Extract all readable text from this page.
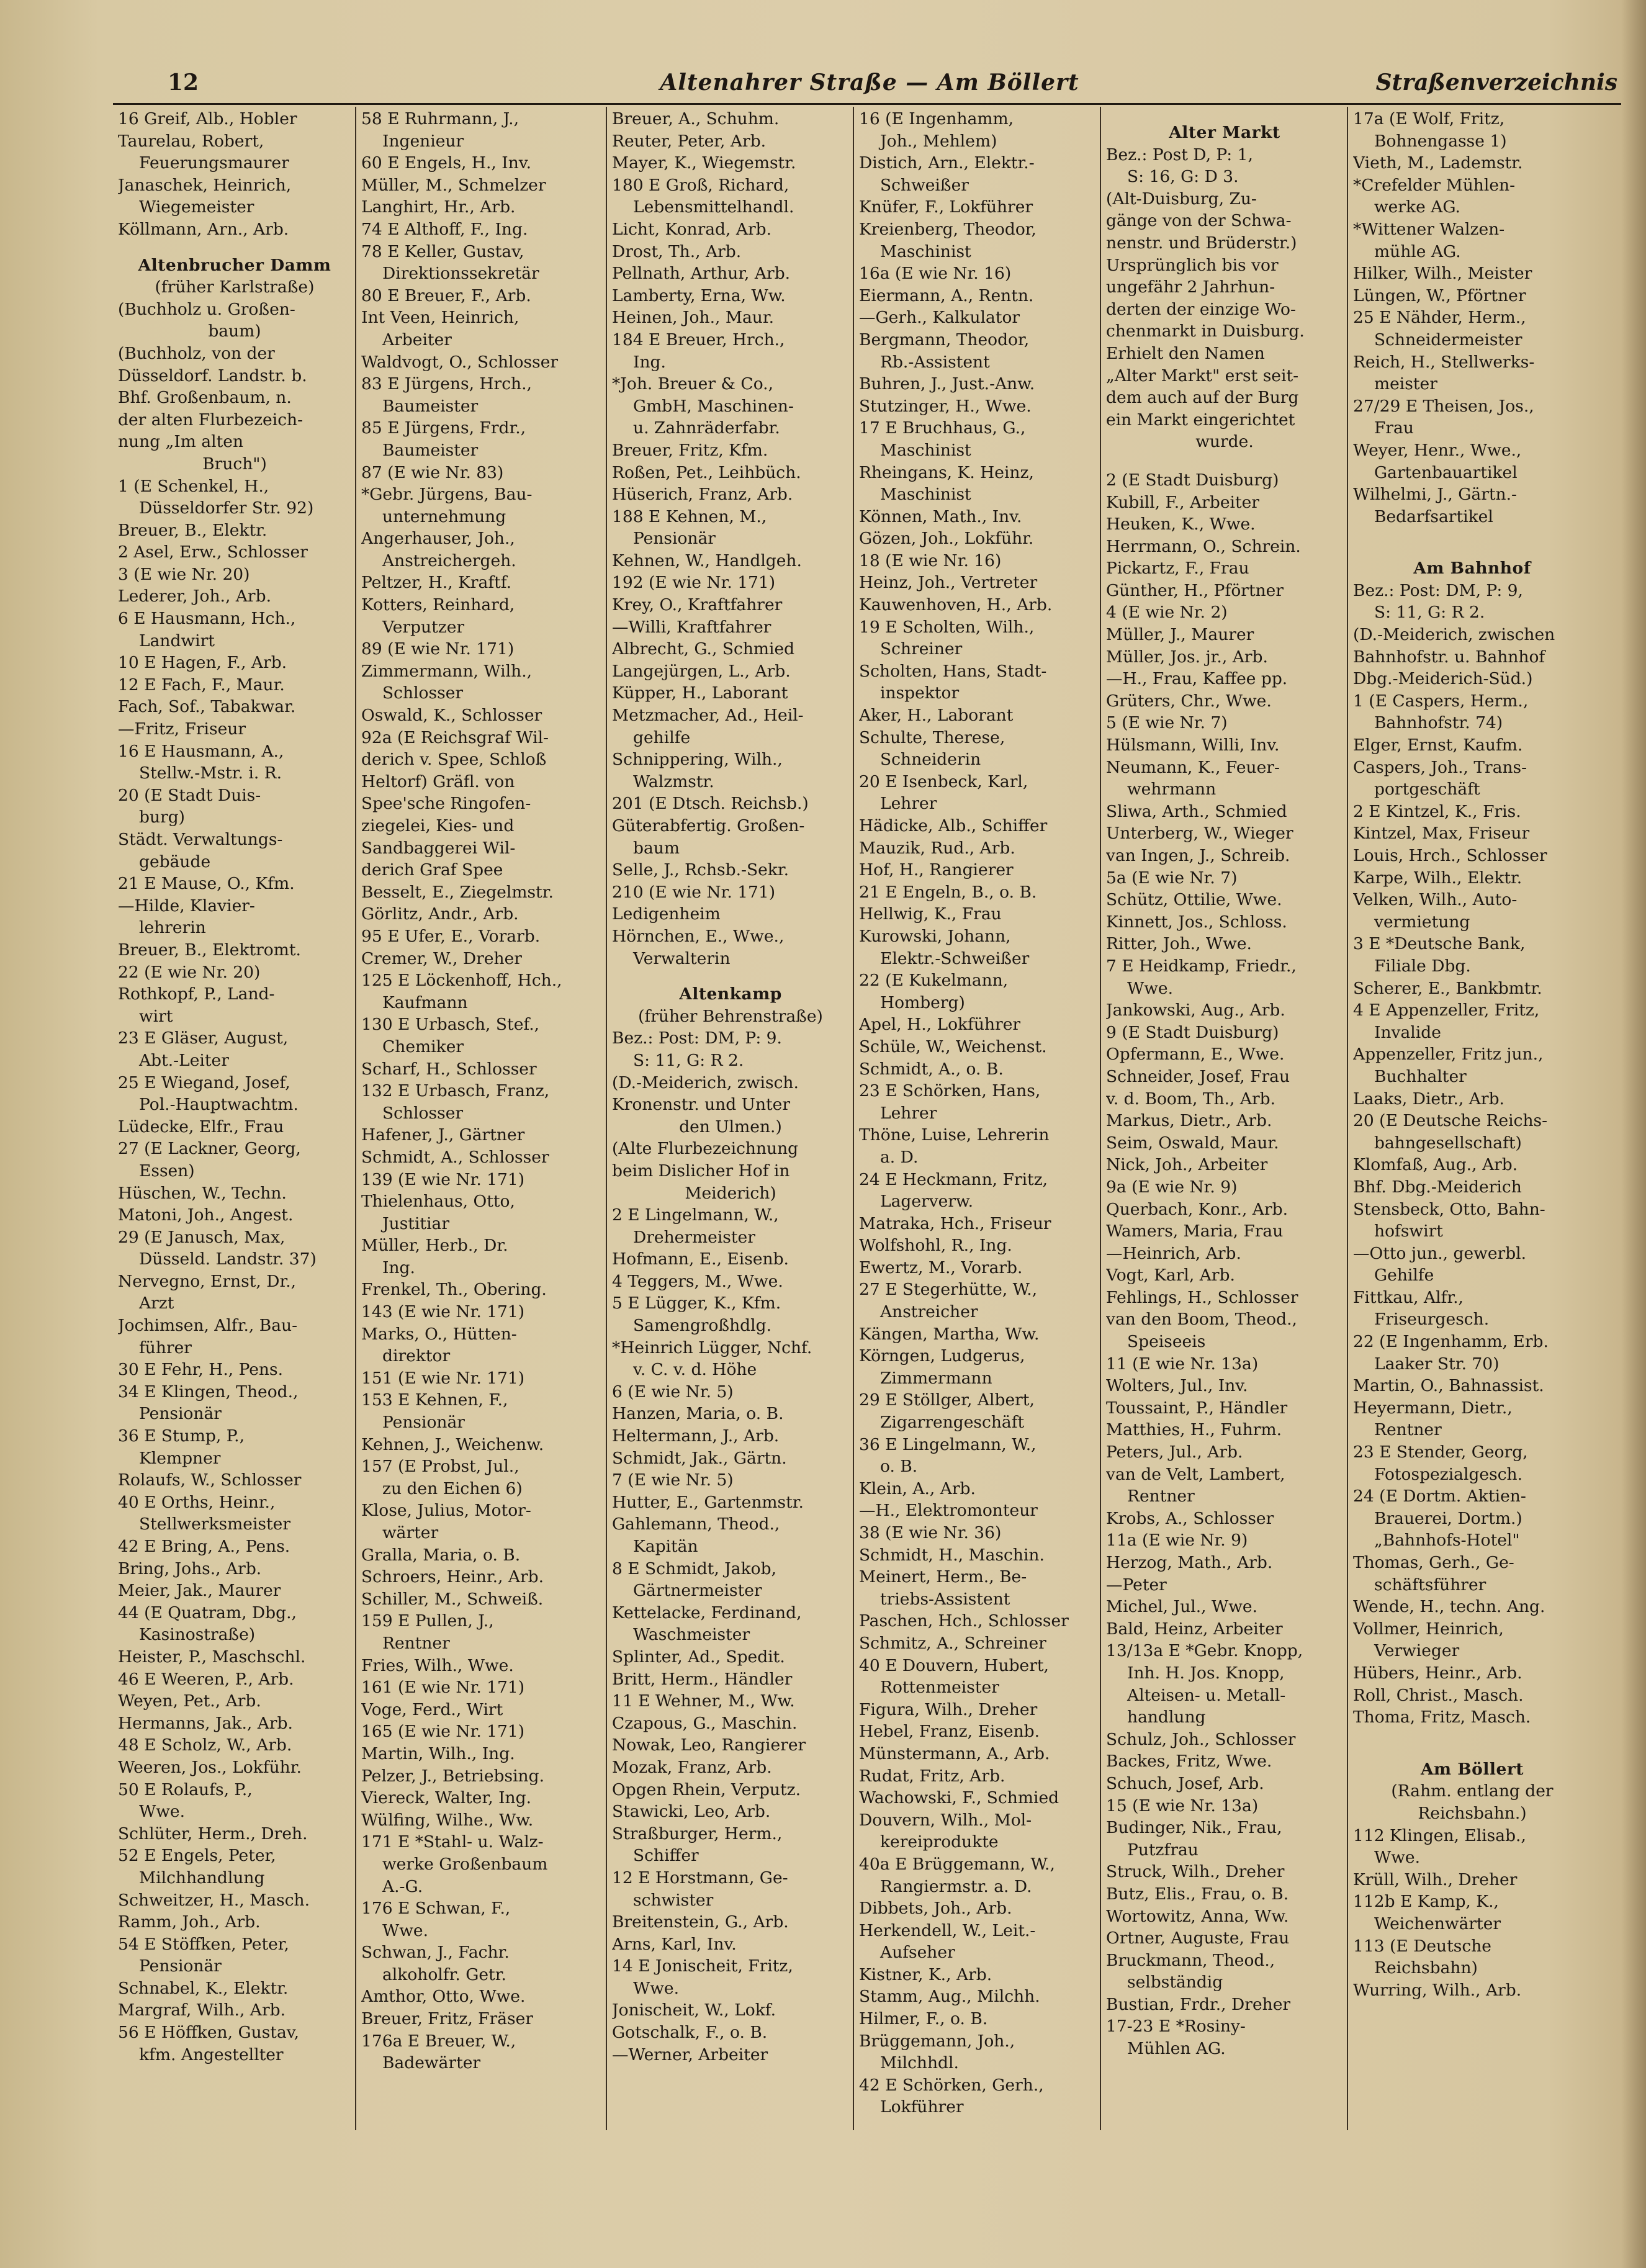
12	Altenahrer Straße — Am Böllert	Straßenverzeichnis
16 Greif, Alb., Hobler
Taurelau, Robert,
Feuerungsmaurer
Janaschek, Heinrich,
Wiegemeister
Köllmann, Arn., Arb.
Altenbrucher Damm
(früher Karlstraße)
(Buchholz u. Großen-
baum)
(Buchholz, von der
Düsseldorf. Landstr. b.
Bhf. Großenbaum, n.
der alten Flurbezeich-
nung „Im alten
Bruch")
1 (E Schenkel, H.,
Düsseldorfer Str. 92)
Breuer, B., Elektr.
2 Asel, Erw., Schlosser
3 (E wie Nr. 20)
Lederer, Joh., Arb.
6 E Hausmann, Hch.,
Landwirt
10 E Hagen, F., Arb.
12 E Fach, F., Maur.
Fach, Sof., Tabakwar.
—Fritz, Friseur
16 E Hausmann, A.,
Stellw.-Mstr. i. R.
20 (E Stadt Duis-
burg)
Städt. Verwaltungs-
gebäude
21 E Mause, O., Kfm.
—Hilde, Klavier-
lehrerin
Breuer, B., Elektromt.
22 (E wie Nr. 20)
Rothkopf, P., Land-
wirt
23 E Gläser, August,
Abt.-Leiter
25 E Wiegand, Josef,
Pol.-Hauptwachtm.
Lüdecke, Elfr., Frau
27 (E Lackner, Georg,
Essen)
Hüschen, W., Techn.
Matoni, Joh., Angest.
29 (E Janusch, Max,
Düsseld. Landstr. 37)
Nervegno, Ernst, Dr.,
Arzt
Jochimsen, Alfr., Bau-
führer
30 E Fehr, H., Pens.
34 E Klingen, Theod.,
Pensionär
36 E Stump, P.,
Klempner
Rolaufs, W., Schlosser
40 E Orths, Heinr.,
Stellwerksmeister
42 E Bring, A., Pens.
Bring, Johs., Arb.
Meier, Jak., Maurer
44 (E Quatram, Dbg.,
Kasinostraße)
Heister, P., Maschschl.
46 E Weeren, P., Arb.
Weyen, Pet., Arb.
Hermanns, Jak., Arb.
48 E Scholz, W., Arb.
Weeren, Jos., Lokführ.
50 E Rolaufs, P.,
Wwe.
Schlüter, Herm., Dreh.
52 E Engels, Peter,
Milchhandlung
Schweitzer, H., Masch.
Ramm, Joh., Arb.
54 E Stöffken, Peter,
Pensionär
Schnabel, K., Elektr.
Margraf, Wilh., Arb.
56 E Höffken, Gustav,
kfm. Angestellter
58 E Ruhrmann, J.,
Ingenieur
60 E Engels, H., Inv.
Müller, M., Schmelzer
Langhirt, Hr., Arb.
74 E Althoff, F., Ing.
78 E Keller, Gustav,
Direktionssekretär
80 E Breuer, F., Arb.
Int Veen, Heinrich,
Arbeiter
Waldvogt, O., Schlosser
83 E Jürgens, Hrch.,
Baumeister
85 E Jürgens, Frdr.,
Baumeister
87 (E wie Nr. 83)
*Gebr. Jürgens, Bau-
unternehmung
Angerhauser, Joh.,
Anstreichergeh.
Peltzer, H., Kraftf.
Kotters, Reinhard,
Verputzer
89 (E wie Nr. 171)
Zimmermann, Wilh.,
Schlosser
Oswald, K., Schlosser
92a (E Reichsgraf Wil-
derich v. Spee, Schloß
Heltorf) Gräfl. von
Spee'sche Ringofen-
ziegelei, Kies- und
Sandbaggerei Wil-
derich Graf Spee
Besselt, E., Ziegelmstr.
Görlitz, Andr., Arb.
95 E Ufer, E., Vorarb.
Cremer, W., Dreher
125 E Löckenhoff, Hch.,
Kaufmann
130 E Urbasch, Stef.,
Chemiker
Scharf, H., Schlosser
132 E Urbasch, Franz,
Schlosser
Hafener, J., Gärtner
Schmidt, A., Schlosser
139 (E wie Nr. 171)
Thielenhaus, Otto,
Justitiar
Müller, Herb., Dr.
Ing.
Frenkel, Th., Obering.
143 (E wie Nr. 171)
Marks, O., Hütten-
direktor
151 (E wie Nr. 171)
153 E Kehnen, F.,
Pensionär
Kehnen, J., Weichenw.
157 (E Probst, Jul.,
zu den Eichen 6)
Klose, Julius, Motor-
wärter
Gralla, Maria, o. B.
Schroers, Heinr., Arb.
Schiller, M., Schweiß.
159 E Pullen, J.,
Rentner
Fries, Wilh., Wwe.
161 (E wie Nr. 171)
Voge, Ferd., Wirt
165 (E wie Nr. 171)
Martin, Wilh., Ing.
Pelzer, J., Betriebsing.
Viereck, Walter, Ing.
Wülfing, Wilhe., Ww.
171 E *Stahl- u. Walz-
werke Großenbaum
A.-G.
176 E Schwan, F.,
Wwe.
Schwan, J., Fachr.
alkoholfr. Getr.
Amthor, Otto, Wwe.
Breuer, Fritz, Fräser
176a E Breuer, W.,
Badewärter
Breuer, A., Schuhm.
Reuter, Peter, Arb.
Mayer, K., Wiegemstr.
180 E Groß, Richard,
Lebensmittelhandl.
Licht, Konrad, Arb.
Drost, Th., Arb.
Pellnath, Arthur, Arb.
Lamberty, Erna, Ww.
Heinen, Joh., Maur.
184 E Breuer, Hrch.,
Ing.
*Joh. Breuer & Co.,
GmbH, Maschinen-
u. Zahnräderfabr.
Breuer, Fritz, Kfm.
Roßen, Pet., Leihbüch.
Hüserich, Franz, Arb.
188 E Kehnen, M.,
Pensionär
Kehnen, W., Handlgeh.
192 (E wie Nr. 171)
Krey, O., Kraftfahrer
—Willi, Kraftfahrer
Albrecht, G., Schmied
Langejürgen, L., Arb.
Küpper, H., Laborant
Metzmacher, Ad., Heil-
gehilfe
Schnippering, Wilh.,
Walzmstr.
201 (E Dtsch. Reichsb.)
Güterabfertig. Großen-
baum
Selle, J., Rchsb.-Sekr.
210 (E wie Nr. 171)
Ledigenheim
Hörnchen, E., Wwe.,
Verwalterin
Altenkamp
(früher Behrenstraße)
Bez.: Post: DM, P: 9.
S: 11, G: R 2.
(D.-Meiderich, zwisch.
Kronenstr. und Unter
den Ulmen.)
(Alte Flurbezeichnung
beim Dislicher Hof in
Meiderich)
2 E Lingelmann, W.,
Drehermeister
Hofmann, E., Eisenb.
4 Teggers, M., Wwe.
5 E Lügger, K., Kfm.
Samengroßhdlg.
*Heinrich Lügger, Nchf.
v. C. v. d. Höhe
6 (E wie Nr. 5)
Hanzen, Maria, o. B.
Heltermann, J., Arb.
Schmidt, Jak., Gärtn.
7 (E wie Nr. 5)
Hutter, E., Gartenmstr.
Gahlemann, Theod.,
Kapitän
8 E Schmidt, Jakob,
Gärtnermeister
Kettelacke, Ferdinand,
Waschmeister
Splinter, Ad., Spedit.
Britt, Herm., Händler
11 E Wehner, M., Ww.
Czapous, G., Maschin.
Nowak, Leo, Rangierer
Mozak, Franz, Arb.
Opgen Rhein, Verputz.
Stawicki, Leo, Arb.
Straßburger, Herm.,
Schiffer
12 E Horstmann, Ge-
schwister
Breitenstein, G., Arb.
Arns, Karl, Inv.
14 E Jonischeit, Fritz,
Wwe.
Jonischeit, W., Lokf.
Gotschalk, F., o. B.
—Werner, Arbeiter
16 (E Ingenhamm,
Joh., Mehlem)
Distich, Arn., Elektr.-
Schweißer
Knüfer, F., Lokführer
Kreienberg, Theodor,
Maschinist
16a (E wie Nr. 16)
Eiermann, A., Rentn.
—Gerh., Kalkulator
Bergmann, Theodor,
Rb.-Assistent
Buhren, J., Just.-Anw.
Stutzinger, H., Wwe.
17 E Bruchhaus, G.,
Maschinist
Rheingans, K. Heinz,
Maschinist
Können, Math., Inv.
Gözen, Joh., Lokführ.
18 (E wie Nr. 16)
Heinz, Joh., Vertreter
Kauwenhoven, H., Arb.
19 E Scholten, Wilh.,
Schreiner
Scholten, Hans, Stadt-
inspektor
Aker, H., Laborant
Schulte, Therese,
Schneiderin
20 E Isenbeck, Karl,
Lehrer
Hädicke, Alb., Schiffer
Mauzik, Rud., Arb.
Hof, H., Rangierer
21 E Engeln, B., o. B.
Hellwig, K., Frau
Kurowski, Johann,
Elektr.-Schweißer
22 (E Kukelmann,
Homberg)
Apel, H., Lokführer
Schüle, W., Weichenst.
Schmidt, A., o. B.
23 E Schörken, Hans,
Lehrer
Thöne, Luise, Lehrerin
a. D.
24 E Heckmann, Fritz,
Lagerverw.
Matraka, Hch., Friseur
Wolfshohl, R., Ing.
Ewertz, M., Vorarb.
27 E Stegerhütte, W.,
Anstreicher
Kängen, Martha, Ww.
Körngen, Ludgerus,
Zimmermann
29 E Stöllger, Albert,
Zigarrengeschäft
36 E Lingelmann, W.,
o. B.
Klein, A., Arb.
—H., Elektromonteur
38 (E wie Nr. 36)
Schmidt, H., Maschin.
Meinert, Herm., Be-
triebs-Assistent
Paschen, Hch., Schlosser
Schmitz, A., Schreiner
40 E Douvern, Hubert,
Rottenmeister
Figura, Wilh., Dreher
Hebel, Franz, Eisenb.
Münstermann, A., Arb.
Rudat, Fritz, Arb.
Wachowski, F., Schmied
Douvern, Wilh., Mol-
kereiprodukte
40a E Brüggemann, W.,
Rangiermstr. a. D.
Dibbets, Joh., Arb.
Herkendell, W., Leit.-
Aufseher
Kistner, K., Arb.
Stamm, Aug., Milchh.
Hilmer, F., o. B.
Brüggemann, Joh.,
Milchhdl.
42 E Schörken, Gerh.,
Lokführer
Alter Markt
Bez.: Post D, P: 1,
S: 16, G: D 3.
(Alt-Duisburg, Zu-
gänge von der Schwa-
nenstr. und Brüderstr.)
Ursprünglich bis vor
ungefähr 2 Jahrhun-
derten der einzige Wo-
chenmarkt in Duisburg.
Erhielt den Namen
„Alter Markt" erst seit-
dem auch auf der Burg
ein Markt eingerichtet
wurde.
2 (E Stadt Duisburg)
Kubill, F., Arbeiter
Heuken, K., Wwe.
Herrmann, O., Schrein.
Pickartz, F., Frau
Günther, H., Pförtner
4 (E wie Nr. 2)
Müller, J., Maurer
Müller, Jos. jr., Arb.
—H., Frau, Kaffee pp.
Grüters, Chr., Wwe.
5 (E wie Nr. 7)
Hülsmann, Willi, Inv.
Neumann, K., Feuer-
wehrmann
Sliwa, Arth., Schmied
Unterberg, W., Wieger
van Ingen, J., Schreib.
5a (E wie Nr. 7)
Schütz, Ottilie, Wwe.
Kinnett, Jos., Schloss.
Ritter, Joh., Wwe.
7 E Heidkamp, Friedr.,
Wwe.
Jankowski, Aug., Arb.
9 (E Stadt Duisburg)
Opfermann, E., Wwe.
Schneider, Josef, Frau
v. d. Boom, Th., Arb.
Markus, Dietr., Arb.
Seim, Oswald, Maur.
Nick, Joh., Arbeiter
9a (E wie Nr. 9)
Querbach, Konr., Arb.
Wamers, Maria, Frau
—Heinrich, Arb.
Vogt, Karl, Arb.
Fehlings, H., Schlosser
van den Boom, Theod.,
Speiseeis
11 (E wie Nr. 13a)
Wolters, Jul., Inv.
Toussaint, P., Händler
Matthies, H., Fuhrm.
Peters, Jul., Arb.
van de Velt, Lambert,
Rentner
Krobs, A., Schlosser
11a (E wie Nr. 9)
Herzog, Math., Arb.
—Peter
Michel, Jul., Wwe.
Bald, Heinz, Arbeiter
13/13a E *Gebr. Knopp,
Inh. H. Jos. Knopp,
Alteisen- u. Metall-
handlung
Schulz, Joh., Schlosser
Backes, Fritz, Wwe.
Schuch, Josef, Arb.
15 (E wie Nr. 13a)
Budinger, Nik., Frau,
Putzfrau
Struck, Wilh., Dreher
Butz, Elis., Frau, o. B.
Wortowitz, Anna, Ww.
Ortner, Auguste, Frau
Bruckmann, Theod.,
selbständig
Bustian, Frdr., Dreher
17-23 E *Rosiny-
Mühlen AG.
17a (E Wolf, Fritz,
Bohnengasse 1)
Vieth, M., Lademstr.
*Crefelder Mühlen-
werke AG.
*Wittener Walzen-
mühle AG.
Hilker, Wilh., Meister
Lüngen, W., Pförtner
25 E Nähder, Herm.,
Schneidermeister
Reich, H., Stellwerks-
meister
27/29 E Theisen, Jos.,
Frau
Weyer, Henr., Wwe.,
Gartenbauartikel
Wilhelmi, J., Gärtn.-
Bedarfsartikel
Am Bahnhof
Bez.: Post: DM, P: 9,
S: 11, G: R 2.
(D.-Meiderich, zwischen
Bahnhofstr. u. Bahnhof
Dbg.-Meiderich-Süd.)
1 (E Caspers, Herm.,
Bahnhofstr. 74)
Elger, Ernst, Kaufm.
Caspers, Joh., Trans-
portgeschäft
2 E Kintzel, K., Fris.
Kintzel, Max, Friseur
Louis, Hrch., Schlosser
Karpe, Wilh., Elektr.
Velken, Wilh., Auto-
vermietung
3 E *Deutsche Bank,
Filiale Dbg.
Scherer, E., Bankbmtr.
4 E Appenzeller, Fritz,
Invalide
Appenzeller, Fritz jun.,
Buchhalter
Laaks, Dietr., Arb.
20 (E Deutsche Reichs-
bahngesellschaft)
Klomfaß, Aug., Arb.
Bhf. Dbg.-Meiderich
Stensbeck, Otto, Bahn-
hofswirt
—Otto jun., gewerbl.
Gehilfe
Fittkau, Alfr.,
Friseurgesch.
22 (E Ingenhamm, Erb.
Laaker Str. 70)
Martin, O., Bahnassist.
Heyermann, Dietr.,
Rentner
23 E Stender, Georg,
Fotospezialgesch.
24 (E Dortm. Aktien-
Brauerei, Dortm.)
„Bahnhofs-Hotel"
Thomas, Gerh., Ge-
schäftsführer
Wende, H., techn. Ang.
Vollmer, Heinrich,
Verwieger
Hübers, Heinr., Arb.
Roll, Christ., Masch.
Thoma, Fritz, Masch.
Am Böllert
(Rahm. entlang der
Reichsbahn.)
112 Klingen, Elisab.,
Wwe.
Krüll, Wilh., Dreher
112b E Kamp, K.,
Weichenwärter
113 (E Deutsche
Reichsbahn)
Wurring, Wilh., Arb.
